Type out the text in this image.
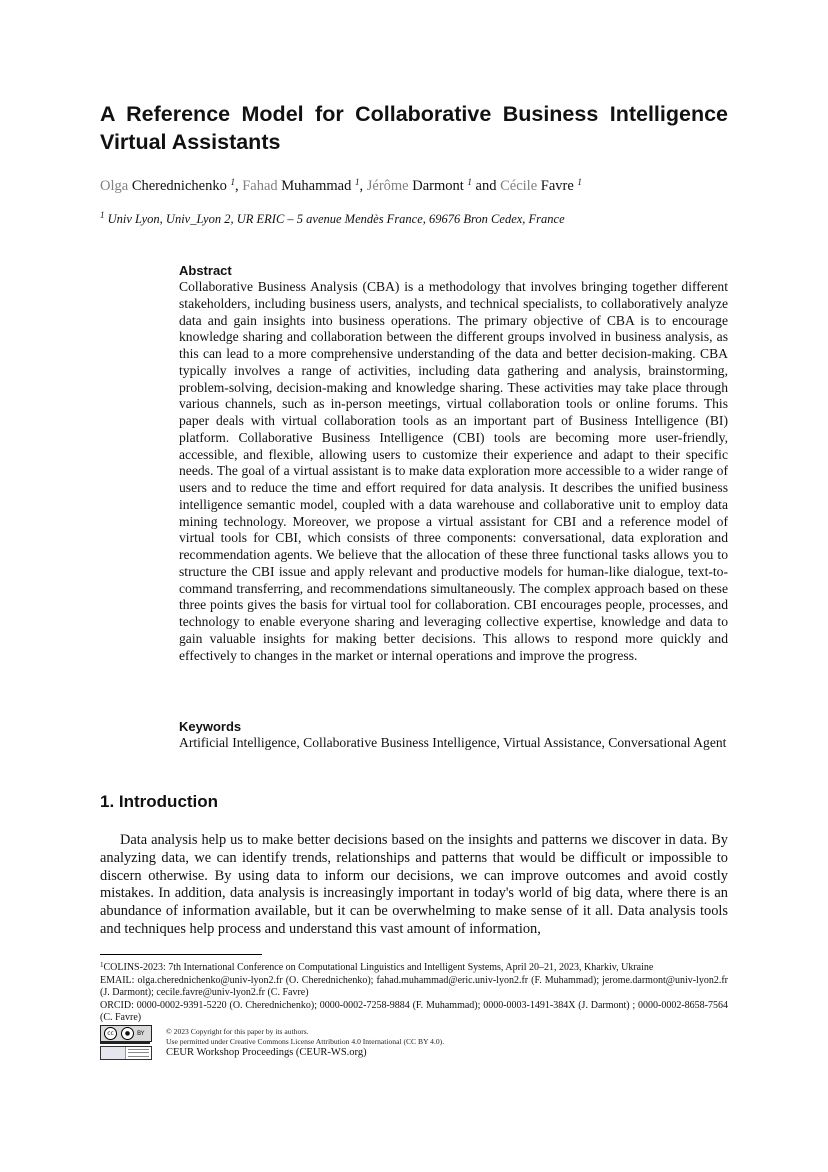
A Reference Model for Collaborative Business Intelligence Virtual Assistants
Olga Cherednichenko $^1$, Fahad Muhammad $^1$, Jérôme Darmont $^1$ and Cécile Favre $^1$
$^1$ Univ Lyon, Univ_Lyon 2, UR ERIC – 5 avenue Mendès France, 69676 Bron Cedex, France
Abstract

Collaborative Business Analysis (CBA) is a methodology that involves bringing together different stakeholders, including business users, analysts, and technical specialists, to collaboratively analyze data and gain insights into business operations. The primary objective of CBA is to encourage knowledge sharing and collaboration between the different groups involved in business analysis, as this can lead to a more comprehensive understanding of the data and better decision-making. CBA typically involves a range of activities, including data gathering and analysis, brainstorming, problem-solving, decision-making and knowledge sharing. These activities may take place through various channels, such as in-person meetings, virtual collaboration tools or online forums. This paper deals with virtual collaboration tools as an important part of Business Intelligence (BI) platform. Collaborative Business Intelligence (CBI) tools are becoming more user-friendly, accessible, and flexible, allowing users to customize their experience and adapt to their specific needs. The goal of a virtual assistant is to make data exploration more accessible to a wider range of users and to reduce the time and effort required for data analysis. It describes the unified business intelligence semantic model, coupled with a data warehouse and collaborative unit to employ data mining technology. Moreover, we propose a virtual assistant for CBI and a reference model of virtual tools for CBI, which consists of three components: conversational, data exploration and recommendation agents. We believe that the allocation of these three functional tasks allows you to structure the CBI issue and apply relevant and productive models for human-like dialogue, text-to-command transferring, and recommendations simultaneously. The complex approach based on these three points gives the basis for virtual tool for collaboration. CBI encourages people, processes, and technology to enable everyone sharing and leveraging collective expertise, knowledge and data to gain valuable insights for making better decisions. This allows to respond more quickly and effectively to changes in the market or internal operations and improve the progress.

Keywords

Artificial Intelligence, Collaborative Business Intelligence, Virtual Assistance, Conversational Agent

1. Introduction

Data analysis help us to make better decisions based on the insights and patterns we discover in data. By analyzing data, we can identify trends, relationships and patterns that would be difficult or impossible to discern otherwise. By using data to inform our decisions, we can improve outcomes and avoid costly mistakes. In addition, data analysis is increasingly important in today's world of big data, where there is an abundance of information available, but it can be overwhelming to make sense of it all. Data analysis tools and techniques help process and understand this vast amount of information,

$^1$COLINS-2023: 7th International Conference on Computational Linguistics and Intelligent Systems, April 20–21, 2023, Kharkiv, Ukraine

EMAIL: olga.cherednichenko@univ-lyon2.fr (O. Cherednichenko); fahad.muhammad@eric.univ-lyon2.fr (F. Muhammad); jerome.darmont@univ-lyon2.fr (J. Darmont); cecile.favre@univ-lyon2.fr (C. Favre)

ORCID: 0000-0002-9391-5220 (O. Cherednichenko); 0000-0002-7258-9884 (F. Muhammad); 0000-0003-1491-384X (J. Darmont) ; 0000-0002-8658-7564 (C. Favre)

cc	●	BY	© 2023 Copyright for this paper by its authors.

Use permitted under Creative Commons License Attribution 4.0 International (CC BY 4.0).

CEUR Workshop Proceedings (CEUR-WS.org)
